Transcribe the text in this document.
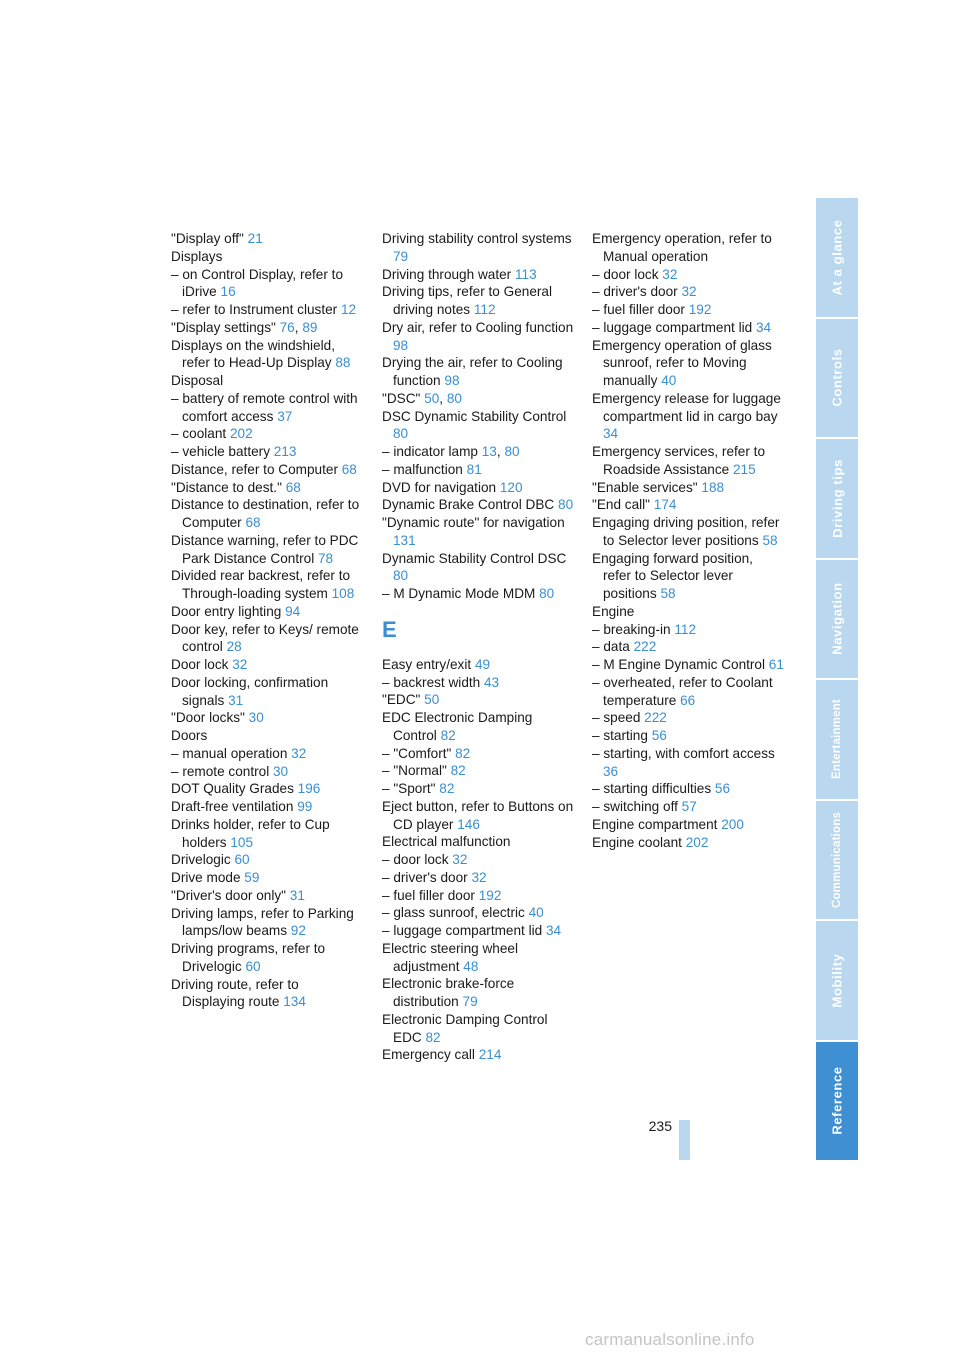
"Display off" 21
Displays
– on Control Display, refer to iDrive 16
– refer to Instrument cluster 12
"Display settings" 76, 89
Displays on the windshield, refer to Head-Up Display 88
Disposal
– battery of remote control with comfort access 37
– coolant 202
– vehicle battery 213
Distance, refer to Computer 68
"Distance to dest." 68
Distance to destination, refer to Computer 68
Distance warning, refer to PDC Park Distance Control 78
Divided rear backrest, refer to Through-loading system 108
Door entry lighting 94
Door key, refer to Keys/ remote control 28
Door lock 32
Door locking, confirmation signals 31
"Door locks" 30
Doors
– manual operation 32
– remote control 30
DOT Quality Grades 196
Draft-free ventilation 99
Drinks holder, refer to Cup holders 105
Drivelogic 60
Drive mode 59
"Driver's door only" 31
Driving lamps, refer to Parking lamps/low beams 92
Driving programs, refer to Drivelogic 60
Driving route, refer to Displaying route 134
Driving stability control systems 79
Driving through water 113
Driving tips, refer to General driving notes 112
Dry air, refer to Cooling function 98
Drying the air, refer to Cooling function 98
"DSC" 50, 80
DSC Dynamic Stability Control 80
– indicator lamp 13, 80
– malfunction 81
DVD for navigation 120
Dynamic Brake Control DBC 80
"Dynamic route" for navigation 131
Dynamic Stability Control DSC 80
– M Dynamic Mode MDM 80
E
Easy entry/exit 49
– backrest width 43
"EDC" 50
EDC Electronic Damping Control 82
– "Comfort" 82
– "Normal" 82
– "Sport" 82
Eject button, refer to Buttons on CD player 146
Electrical malfunction
– door lock 32
– driver's door 32
– fuel filler door 192
– glass sunroof, electric 40
– luggage compartment lid 34
Electric steering wheel adjustment 48
Electronic brake-force distribution 79
Electronic Damping Control EDC 82
Emergency call 214
Emergency operation, refer to Manual operation
– door lock 32
– driver's door 32
– fuel filler door 192
– luggage compartment lid 34
Emergency operation of glass sunroof, refer to Moving manually 40
Emergency release for luggage compartment lid in cargo bay 34
Emergency services, refer to Roadside Assistance 215
"Enable services" 188
"End call" 174
Engaging driving position, refer to Selector lever positions 58
Engaging forward position, refer to Selector lever positions 58
Engine
– breaking-in 112
– data 222
– M Engine Dynamic Control 61
– overheated, refer to Coolant temperature 66
– speed 222
– starting 56
– starting, with comfort access 36
– starting difficulties 56
– switching off 57
Engine compartment 200
Engine coolant 202
At a glance
Controls
Driving tips
Navigation
Entertainment
Communications
Mobility
Reference
235
carmanualsonline.info
